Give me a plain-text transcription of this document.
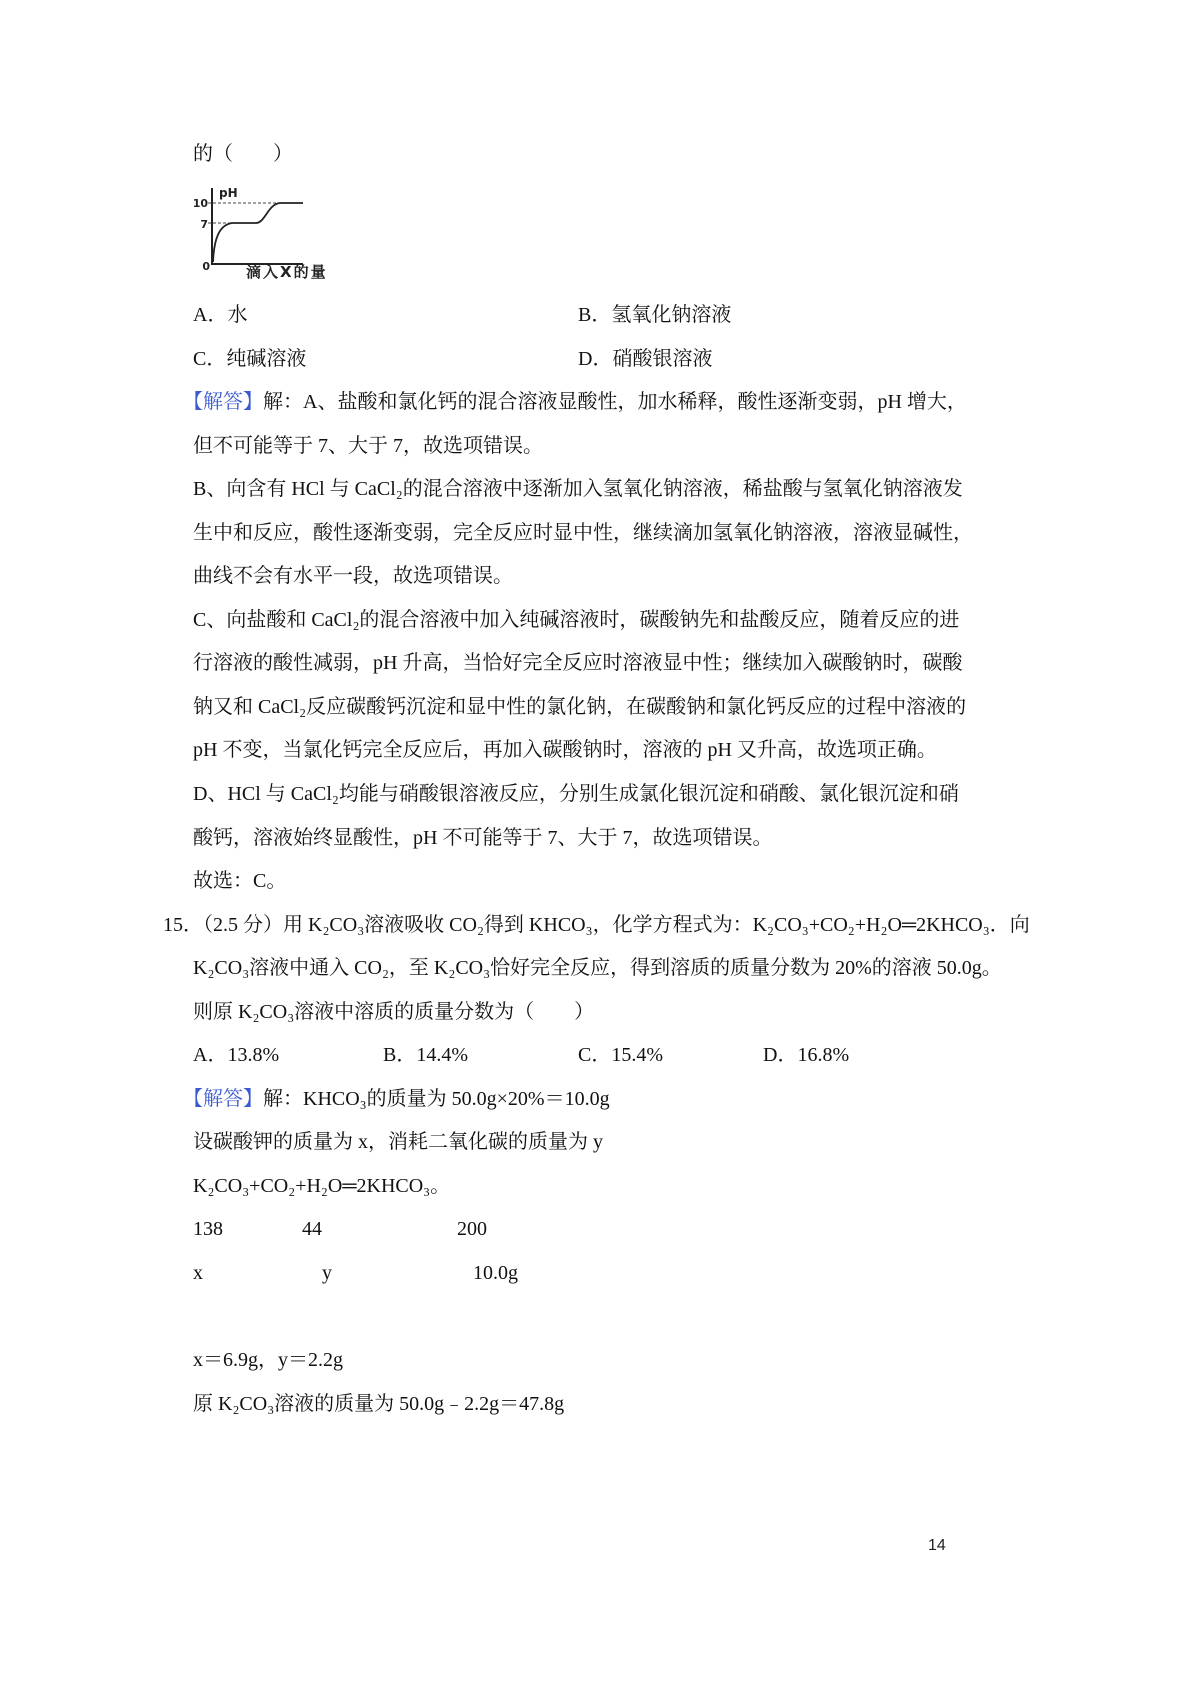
的（　　）
pH
10
7
0 滴入X的量
A．水	B．氢氧化钠溶液
C．纯碱溶液	D．硝酸银溶液
【解答】解：A、盐酸和氯化钙的混合溶液显酸性，加水稀释，酸性逐渐变弱，pH 增大，
但不可能等于 7、大于 7，故选项错误。
B、向含有 HCl 与 CaCl₂的混合溶液中逐渐加入氢氧化钠溶液，稀盐酸与氢氧化钠溶液发
生中和反应，酸性逐渐变弱，完全反应时显中性，继续滴加氢氧化钠溶液，溶液显碱性，
曲线不会有水平一段，故选项错误。
C、向盐酸和 CaCl₂的混合溶液中加入纯碱溶液时，碳酸钠先和盐酸反应，随着反应的进
行溶液的酸性减弱，pH 升高，当恰好完全反应时溶液显中性；继续加入碳酸钠时，碳酸
钠又和 CaCl₂反应碳酸钙沉淀和显中性的氯化钠，在碳酸钠和氯化钙反应的过程中溶液的
pH 不变，当氯化钙完全反应后，再加入碳酸钠时，溶液的 pH 又升高，故选项正确。
D、HCl 与 CaCl₂均能与硝酸银溶液反应，分别生成氯化银沉淀和硝酸、氯化银沉淀和硝
酸钙，溶液始终显酸性，pH 不可能等于 7、大于 7，故选项错误。
故选：C。
15．（2.5 分）用 K₂CO₃溶液吸收 CO₂得到 KHCO₃，化学方程式为：K₂CO₃+CO₂+H₂O═2KHCO₃．向
K₂CO₃溶液中通入 CO₂，至 K₂CO₃恰好完全反应，得到溶质的质量分数为 20%的溶液 50.0g。
则原 K₂CO₃溶液中溶质的质量分数为（　　）
A．13.8%	B．14.4%	C．15.4%	D．16.8%
【解答】解：KHCO₃的质量为 50.0g×20%＝10.0g
设碳酸钾的质量为 x，消耗二氧化碳的质量为 y
K₂CO₃+CO₂+H₂O═2KHCO₃。
138	44	200
x	y	10.0g
x＝6.9g，y＝2.2g
原 K₂CO₃溶液的质量为 50.0g﹣2.2g＝47.8g
14
